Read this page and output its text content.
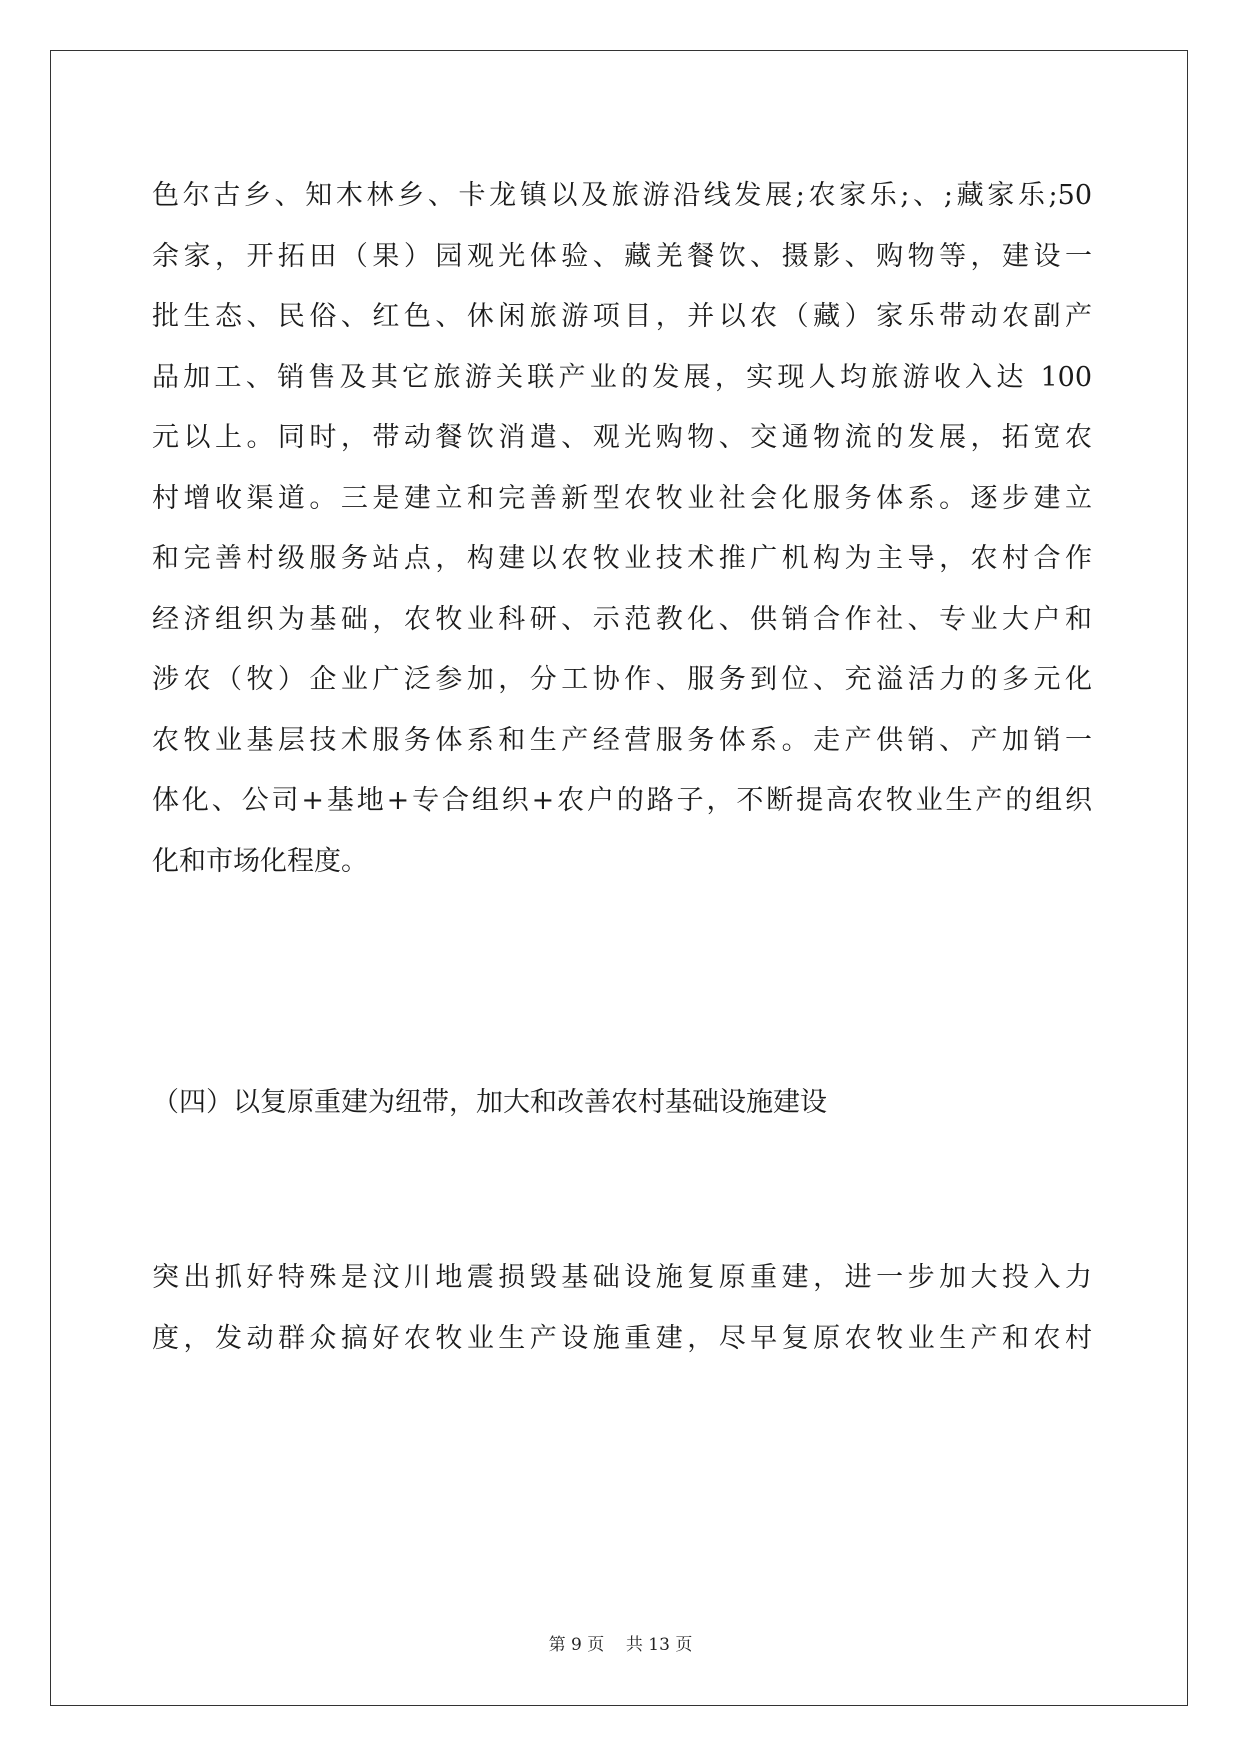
色尔古乡、知木林乡、卡龙镇以及旅游沿线发展;农家乐;、;藏家乐;50
余家，开拓田（果）园观光体验、藏羌餐饮、摄影、购物等，建设一
批生态、民俗、红色、休闲旅游项目，并以农（藏）家乐带动农副产
品加工、销售及其它旅游关联产业的发展，实现人均旅游收入达 100
元以上。同时，带动餐饮消遣、观光购物、交通物流的发展，拓宽农
村增收渠道。三是建立和完善新型农牧业社会化服务体系。逐步建立
和完善村级服务站点，构建以农牧业技术推广机构为主导，农村合作
经济组织为基础，农牧业科研、示范教化、供销合作社、专业大户和
涉农（牧）企业广泛参加，分工协作、服务到位、充溢活力的多元化
农牧业基层技术服务体系和生产经营服务体系。走产供销、产加销一
体化、公司+基地+专合组织+农户的路子，不断提高农牧业生产的组织
化和市场化程度。
（四）以复原重建为纽带，加大和改善农村基础设施建设
突出抓好特殊是汶川地震损毁基础设施复原重建，进一步加大投入力
度，发动群众搞好农牧业生产设施重建，尽早复原农牧业生产和农村
第 9 页    共 13 页
